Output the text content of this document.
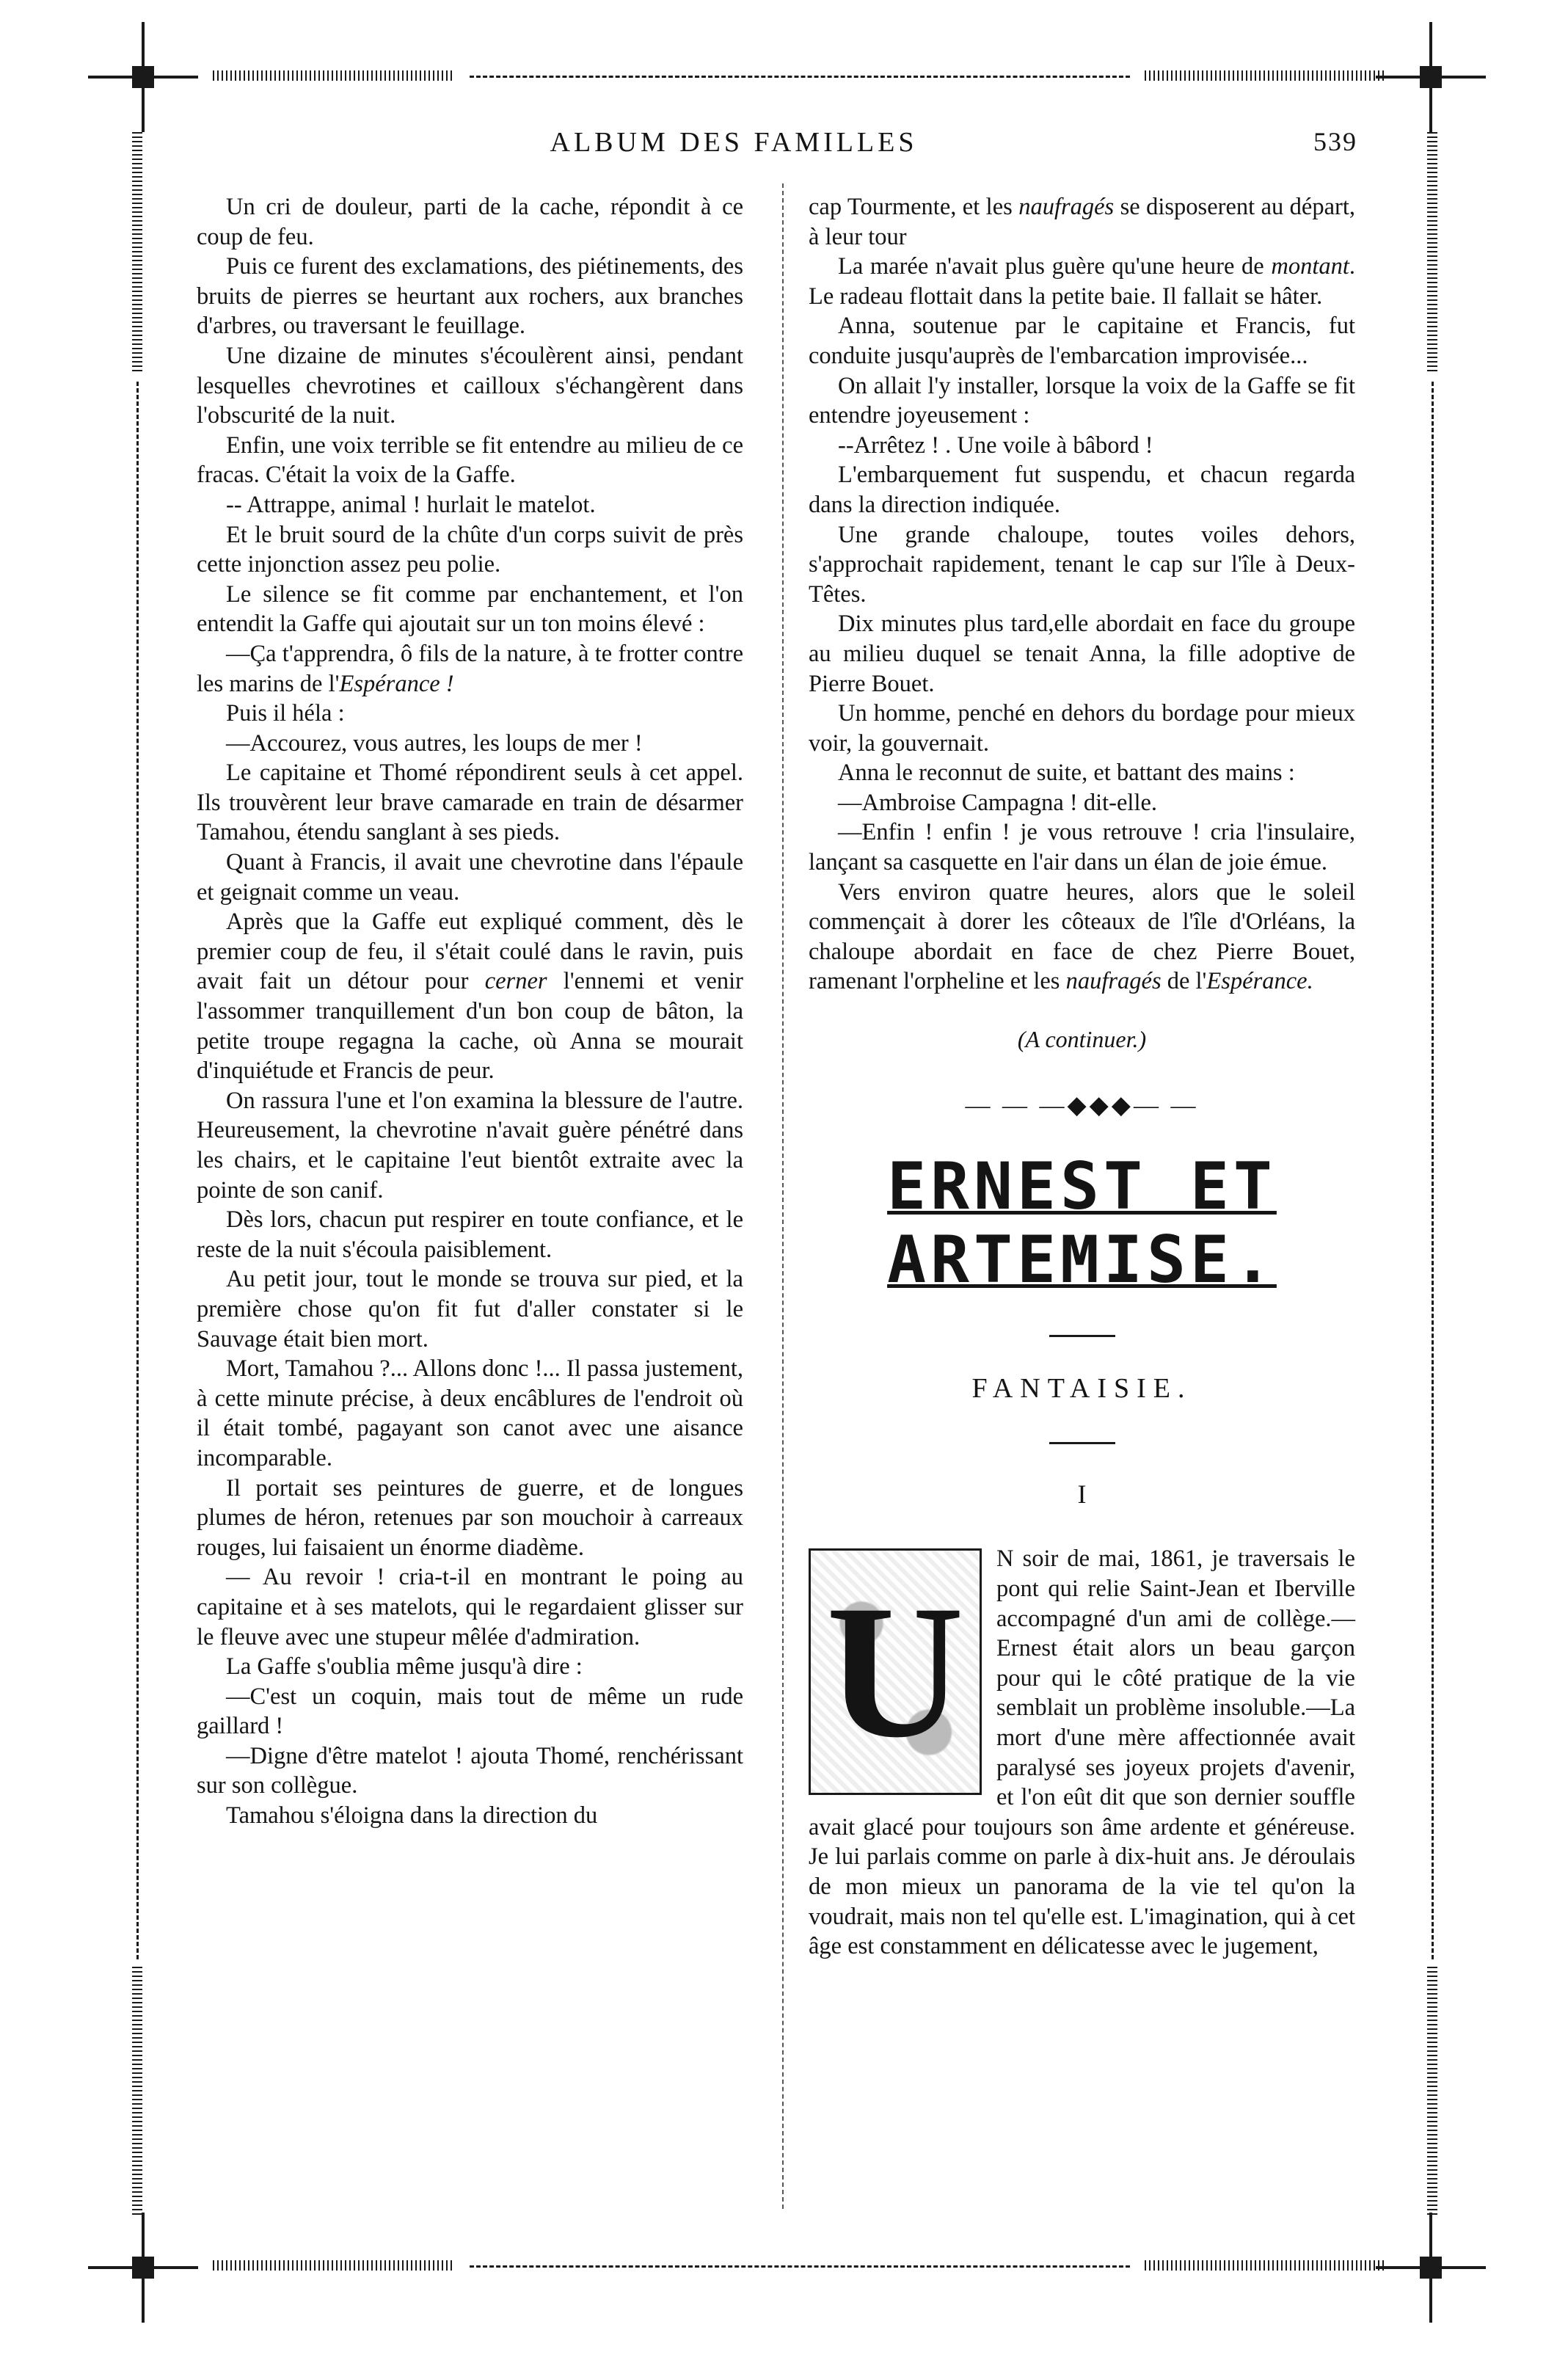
ALBUM DES FAMILLES	539

Un cri de douleur, parti de la cache, répondit à ce coup de feu.

Puis ce furent des exclamations, des piétinements, des bruits de pierres se heurtant aux rochers, aux branches d'arbres, ou traversant le feuillage.

Une dizaine de minutes s'écoulèrent ainsi, pendant lesquelles chevrotines et cailloux s'échangèrent dans l'obscurité de la nuit.

Enfin, une voix terrible se fit entendre au milieu de ce fracas. C'était la voix de la Gaffe.

-- Attrappe, animal ! hurlait le matelot.

Et le bruit sourd de la chûte d'un corps suivit de près cette injonction assez peu polie.

Le silence se fit comme par enchantement, et l'on entendit la Gaffe qui ajoutait sur un ton moins élevé :

—Ça t'apprendra, ô fils de la nature, à te frotter contre les marins de l'Espérance !

Puis il héla :

—Accourez, vous autres, les loups de mer !

Le capitaine et Thomé répondirent seuls à cet appel. Ils trouvèrent leur brave camarade en train de désarmer Tamahou, étendu sanglant à ses pieds.

Quant à Francis, il avait une chevrotine dans l'épaule et geignait comme un veau.

Après que la Gaffe eut expliqué comment, dès le premier coup de feu, il s'était coulé dans le ravin, puis avait fait un détour pour cerner l'ennemi et venir l'assommer tranquillement d'un bon coup de bâton, la petite troupe regagna la cache, où Anna se mourait d'inquiétude et Francis de peur.

On rassura l'une et l'on examina la blessure de l'autre. Heureusement, la chevrotine n'avait guère pénétré dans les chairs, et le capitaine l'eut bientôt extraite avec la pointe de son canif.

Dès lors, chacun put respirer en toute confiance, et le reste de la nuit s'écoula paisiblement.

Au petit jour, tout le monde se trouva sur pied, et la première chose qu'on fit fut d'aller constater si le Sauvage était bien mort.

Mort, Tamahou ?... Allons donc !... Il passa justement, à cette minute précise, à deux encâblures de l'endroit où il était tombé, pagayant son canot avec une aisance incomparable.

Il portait ses peintures de guerre, et de longues plumes de héron, retenues par son mouchoir à carreaux rouges, lui faisaient un énorme diadème.

— Au revoir ! cria-t-il en montrant le poing au capitaine et à ses matelots, qui le regardaient glisser sur le fleuve avec une stupeur mêlée d'admiration.

La Gaffe s'oublia même jusqu'à dire :

—C'est un coquin, mais tout de même un rude gaillard !

—Digne d'être matelot ! ajouta Thomé, renchérissant sur son collègue.

Tamahou s'éloigna dans la direction du

cap Tourmente, et les naufragés se disposerent au départ, à leur tour

La marée n'avait plus guère qu'une heure de montant. Le radeau flottait dans la petite baie. Il fallait se hâter.

Anna, soutenue par le capitaine et Francis, fut conduite jusqu'auprès de l'embarcation improvisée...

On allait l'y installer, lorsque la voix de la Gaffe se fit entendre joyeusement :

--Arrêtez ! . Une voile à bâbord !

L'embarquement fut suspendu, et chacun regarda dans la direction indiquée.

Une grande chaloupe, toutes voiles dehors, s'approchait rapidement, tenant le cap sur l'île à Deux-Têtes.

Dix minutes plus tard,elle abordait en face du groupe au milieu duquel se tenait Anna, la fille adoptive de Pierre Bouet.

Un homme, penché en dehors du bordage pour mieux voir, la gouvernait.

Anna le reconnut de suite, et battant des mains :

—Ambroise Campagna ! dit-elle.

—Enfin ! enfin ! je vous retrouve ! cria l'insulaire, lançant sa casquette en l'air dans un élan de joie émue.

Vers environ quatre heures, alors que le soleil commençait à dorer les côteaux de l'île d'Orléans, la chaloupe abordait en face de chez Pierre Bouet, ramenant l'orpheline et les naufragés de l'Espérance.

(A continuer.)
— — —◆◆◆— —
ERNEST ET ARTEMISE.
FANTAISIE.
I
U

N soir de mai, 1861, je traversais le pont qui relie Saint-Jean et Iberville accompagné d'un ami de collège.— Ernest était alors un beau garçon pour qui le côté pratique de la vie semblait un problème insoluble.—La mort d'une mère affectionnée avait paralysé ses joyeux projets d'avenir, et l'on eût dit que son dernier souffle avait glacé pour toujours son âme ardente et généreuse. Je lui parlais comme on parle à dix-huit ans. Je déroulais de mon mieux un panorama de la vie tel qu'on la voudrait, mais non tel qu'elle est. L'imagination, qui à cet âge est constamment en délicatesse avec le jugement,
